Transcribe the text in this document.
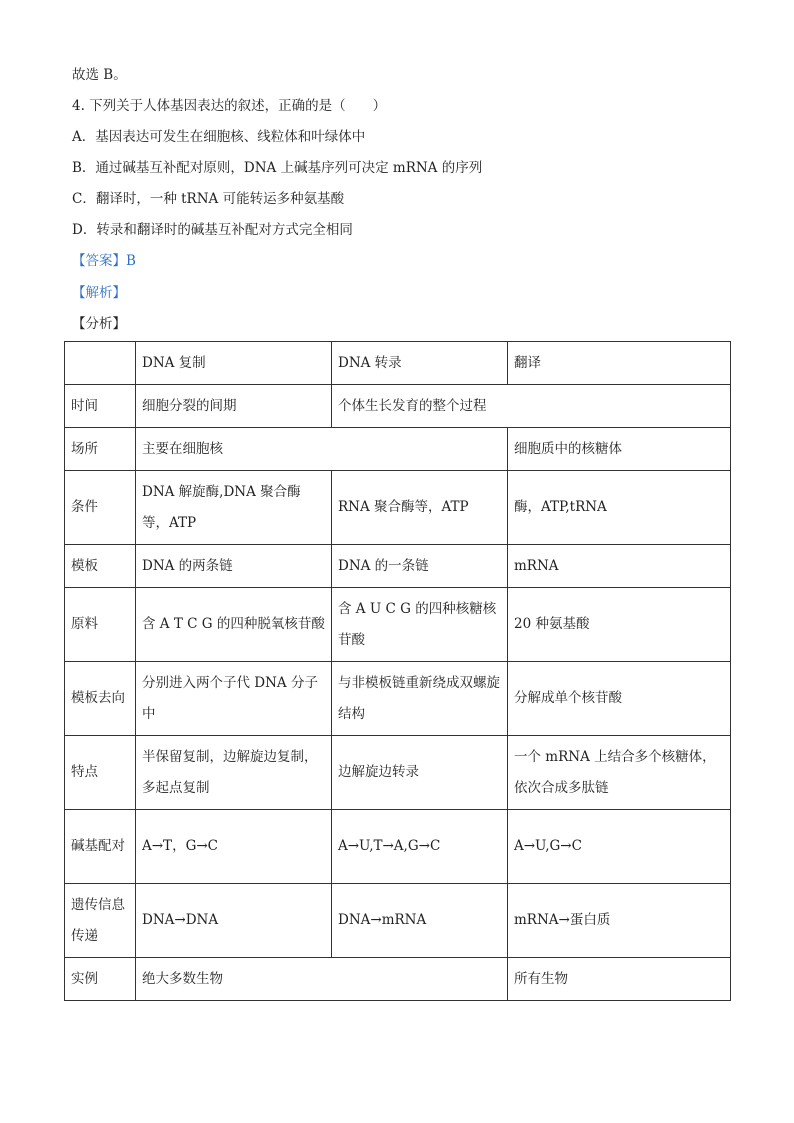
故选 B。
4. 下列关于人体基因表达的叙述，正确的是（　　）
A．基因表达可发生在细胞核、线粒体和叶绿体中
B．通过碱基互补配对原则，DNA 上碱基序列可决定 mRNA 的序列
C．翻译时，一种 tRNA 可能转运多种氨基酸
D．转录和翻译时的碱基互补配对方式完全相同
【答案】B
【解析】
【分析】
	DNA 复制	DNA 转录	翻译
时间	细胞分裂的间期	个体生长发育的整个过程	
场所	主要在细胞核		细胞质中的核糖体
条件	DNA 解旋酶,DNA 聚合酶等，ATP	RNA 聚合酶等，ATP	酶，ATP,tRNA
模板	DNA 的两条链	DNA 的一条链	mRNA
原料	含 A T C G 的四种脱氧核苷酸	含 A U C G 的四种核糖核苷酸	20 种氨基酸
模板去向	分别进入两个子代 DNA 分子中	与非模板链重新绕成双螺旋结构	分解成单个核苷酸
特点	半保留复制，边解旋边复制，多起点复制	边解旋边转录	一个 mRNA 上结合多个核糖体，依次合成多肽链
碱基配对	A→T，G→C	A→U,T→A,G→C	A→U,G→C
遗传信息传递	DNA→DNA	DNA→mRNA	mRNA→蛋白质
实例	绝大多数生物		所有生物
